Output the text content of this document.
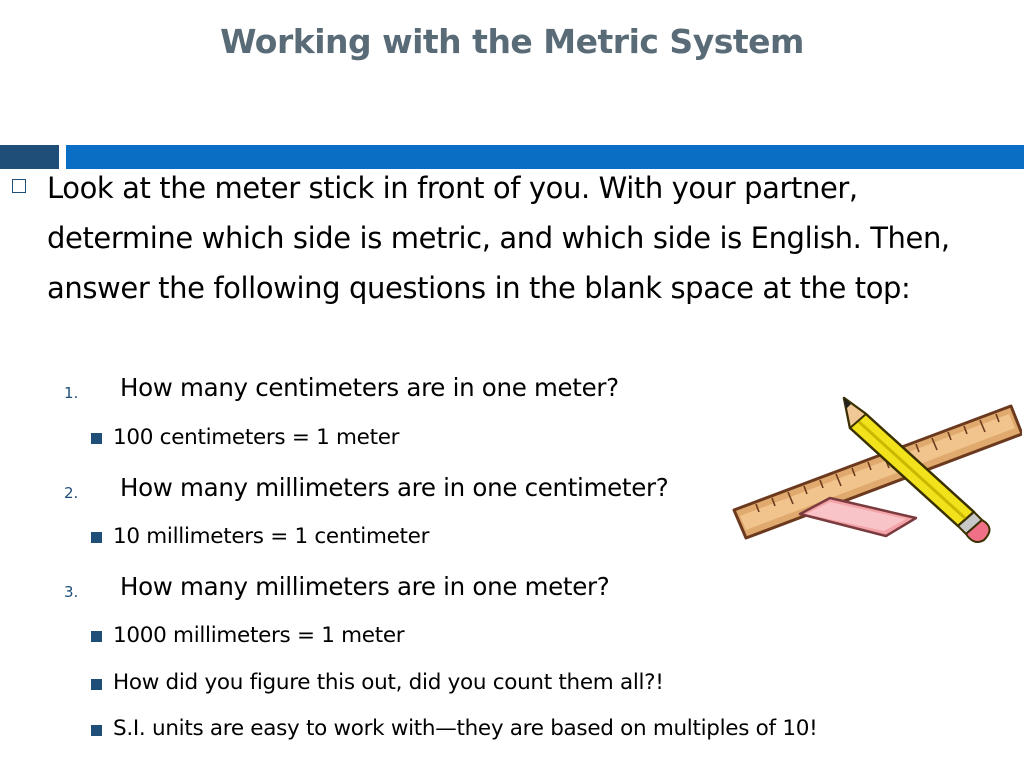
Working with the Metric System

Look at the meter stick in front of you. With your partner, determine which side is metric, and which side is English. Then, answer the following questions in the blank space at the top:

1. How many centimeters are in one meter?
100 centimeters = 1 meter
2. How many millimeters are in one centimeter?
10 millimeters = 1 centimeter
3. How many millimeters are in one meter?
1000 millimeters = 1 meter
How did you figure this out, did you count them all?!
S.I. units are easy to work with—they are based on multiples of 10!
